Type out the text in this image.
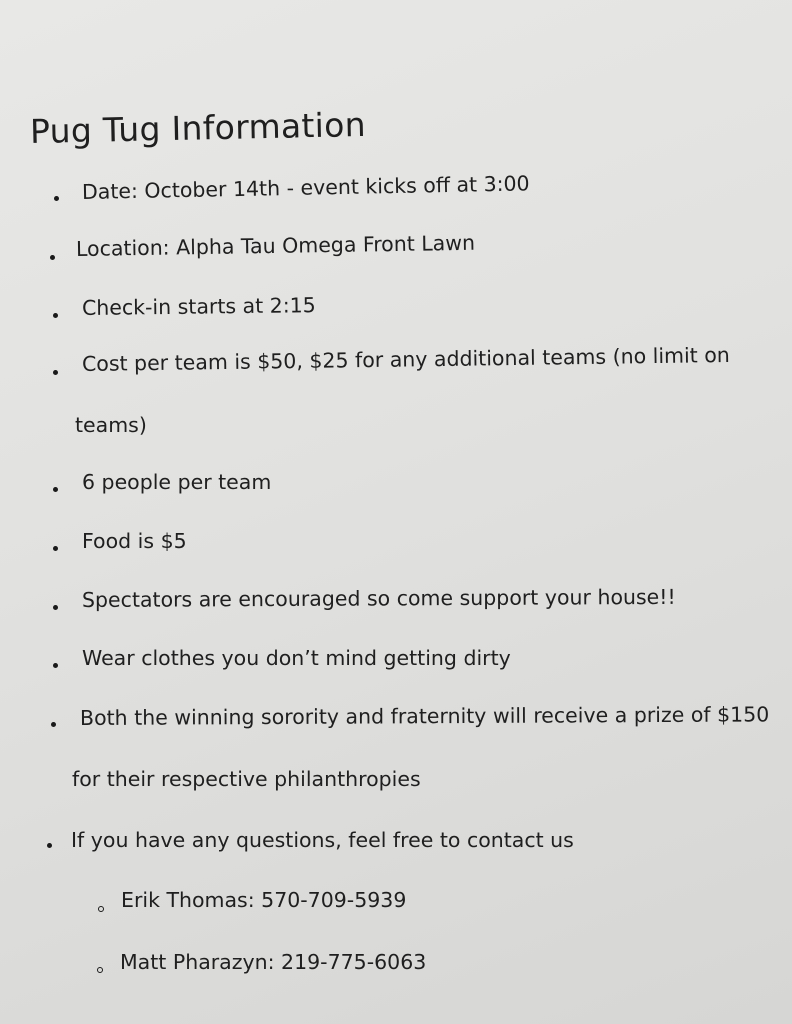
Pug Tug Information
Date: October 14th - event kicks off at 3:00
Location: Alpha Tau Omega Front Lawn
Check-in starts at 2:15
Cost per team is $50, $25 for any additional teams (no limit on
teams)
6 people per team
Food is $5
Spectators are encouraged so come support your house!!
Wear clothes you don’t mind getting dirty
Both the winning sorority and fraternity will receive a prize of $150
for their respective philanthropies
If you have any questions, feel free to contact us
Erik Thomas: 570-709-5939
Matt Pharazyn: 219-775-6063
